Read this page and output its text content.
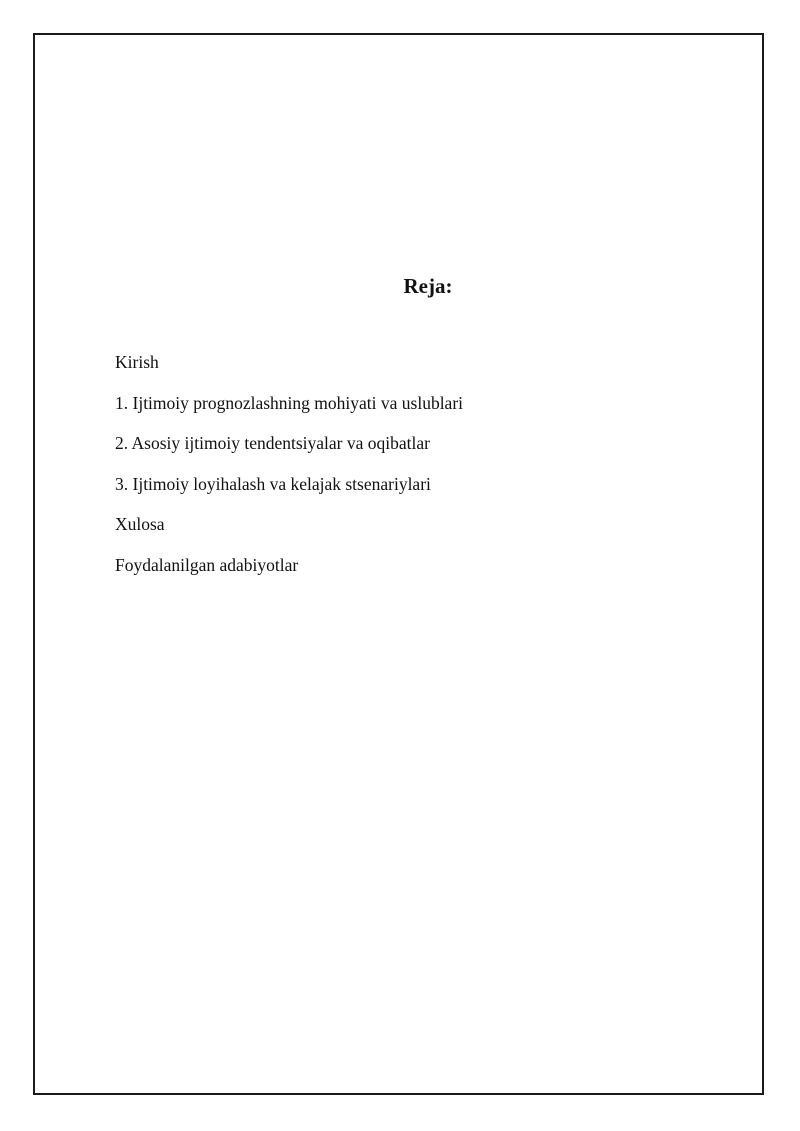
Reja:
Kirish
1. Ijtimoiy prognozlashning mohiyati va uslublari
2. Asosiy ijtimoiy tendentsiyalar va oqibatlar
3. Ijtimoiy loyihalash va kelajak stsenariylari
Xulosa
Foydalanilgan adabiyotlar
